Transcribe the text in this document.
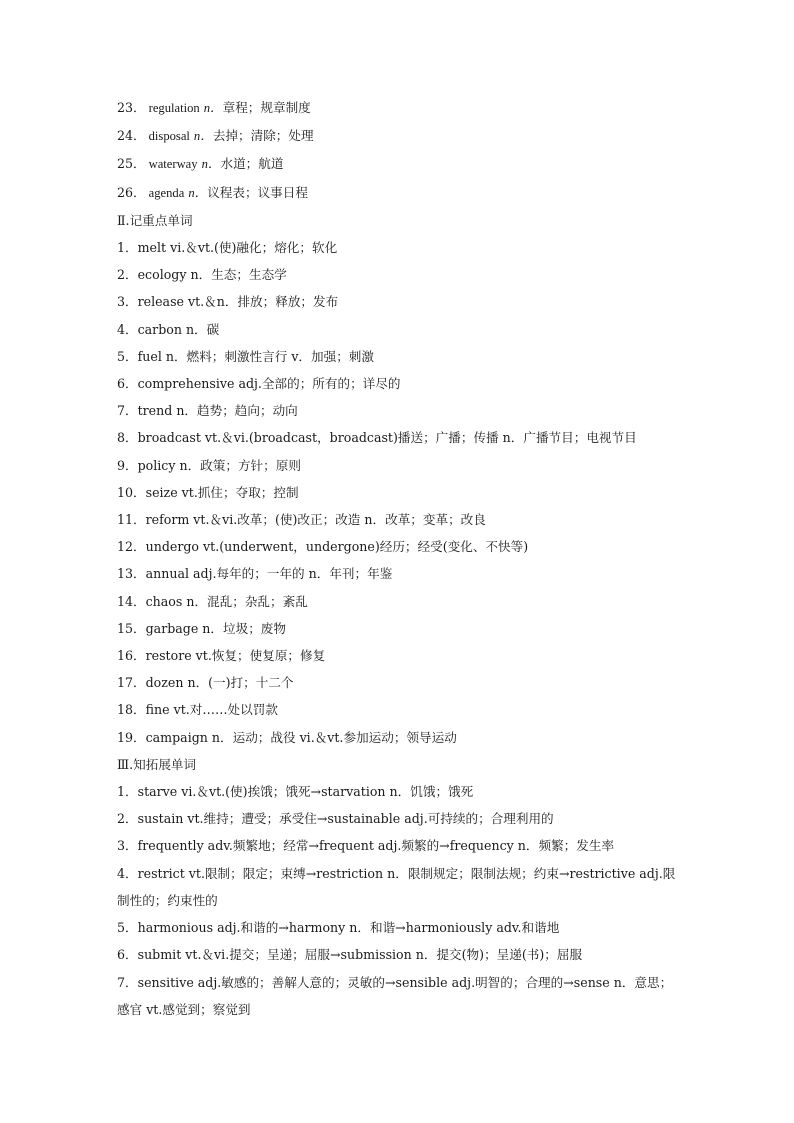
23． regulation n．章程；规章制度
24． disposal n．去掉；清除；处理
25． waterway n．水道；航道
26． agenda n．议程表；议事日程
Ⅱ.记重点单词
1．melt vi.＆vt.(使)融化；熔化；软化
2．ecology n．生态；生态学
3．release vt.＆n．排放；释放；发布
4．carbon n．碳
5．fuel n．燃料；刺激性言行 v．加强；刺激
6．comprehensive adj.全部的；所有的；详尽的
7．trend n．趋势；趋向；动向
8．broadcast vt.＆vi.(broadcast，broadcast)播送；广播；传播 n．广播节目；电视节目
9．policy n．政策；方针；原则
10．seize vt.抓住；夺取；控制
11．reform vt.＆vi.改革；(使)改正；改造 n．改革；变革；改良
12．undergo vt.(underwent，undergone)经历；经受(变化、不快等)
13．annual adj.每年的；一年的 n．年刊；年鉴
14．chaos n．混乱；杂乱；紊乱
15．garbage n．垃圾；废物
16．restore vt.恢复；使复原；修复
17．dozen n．(一)打；十二个
18．fine vt.对……处以罚款
19．campaign n．运动；战役 vi.＆vt.参加运动；领导运动
Ⅲ.知拓展单词
1．starve vi.＆vt.(使)挨饿；饿死→starvation n．饥饿；饿死
2．sustain vt.维持；遭受；承受住→sustainable adj.可持续的；合理利用的
3．frequently adv.频繁地；经常→frequent adj.频繁的→frequency n．频繁；发生率
4．restrict vt.限制；限定；束缚→restriction n．限制规定；限制法规；约束→restrictive adj.限制性的；约束性的
5．harmonious adj.和谐的→harmony n．和谐→harmoniously adv.和谐地
6．submit vt.＆vi.提交；呈递；屈服→submission n．提交(物)；呈递(书)；屈服
7．sensitive adj.敏感的；善解人意的；灵敏的→sensible adj.明智的；合理的→sense n．意思；感官 vt.感觉到；察觉到
